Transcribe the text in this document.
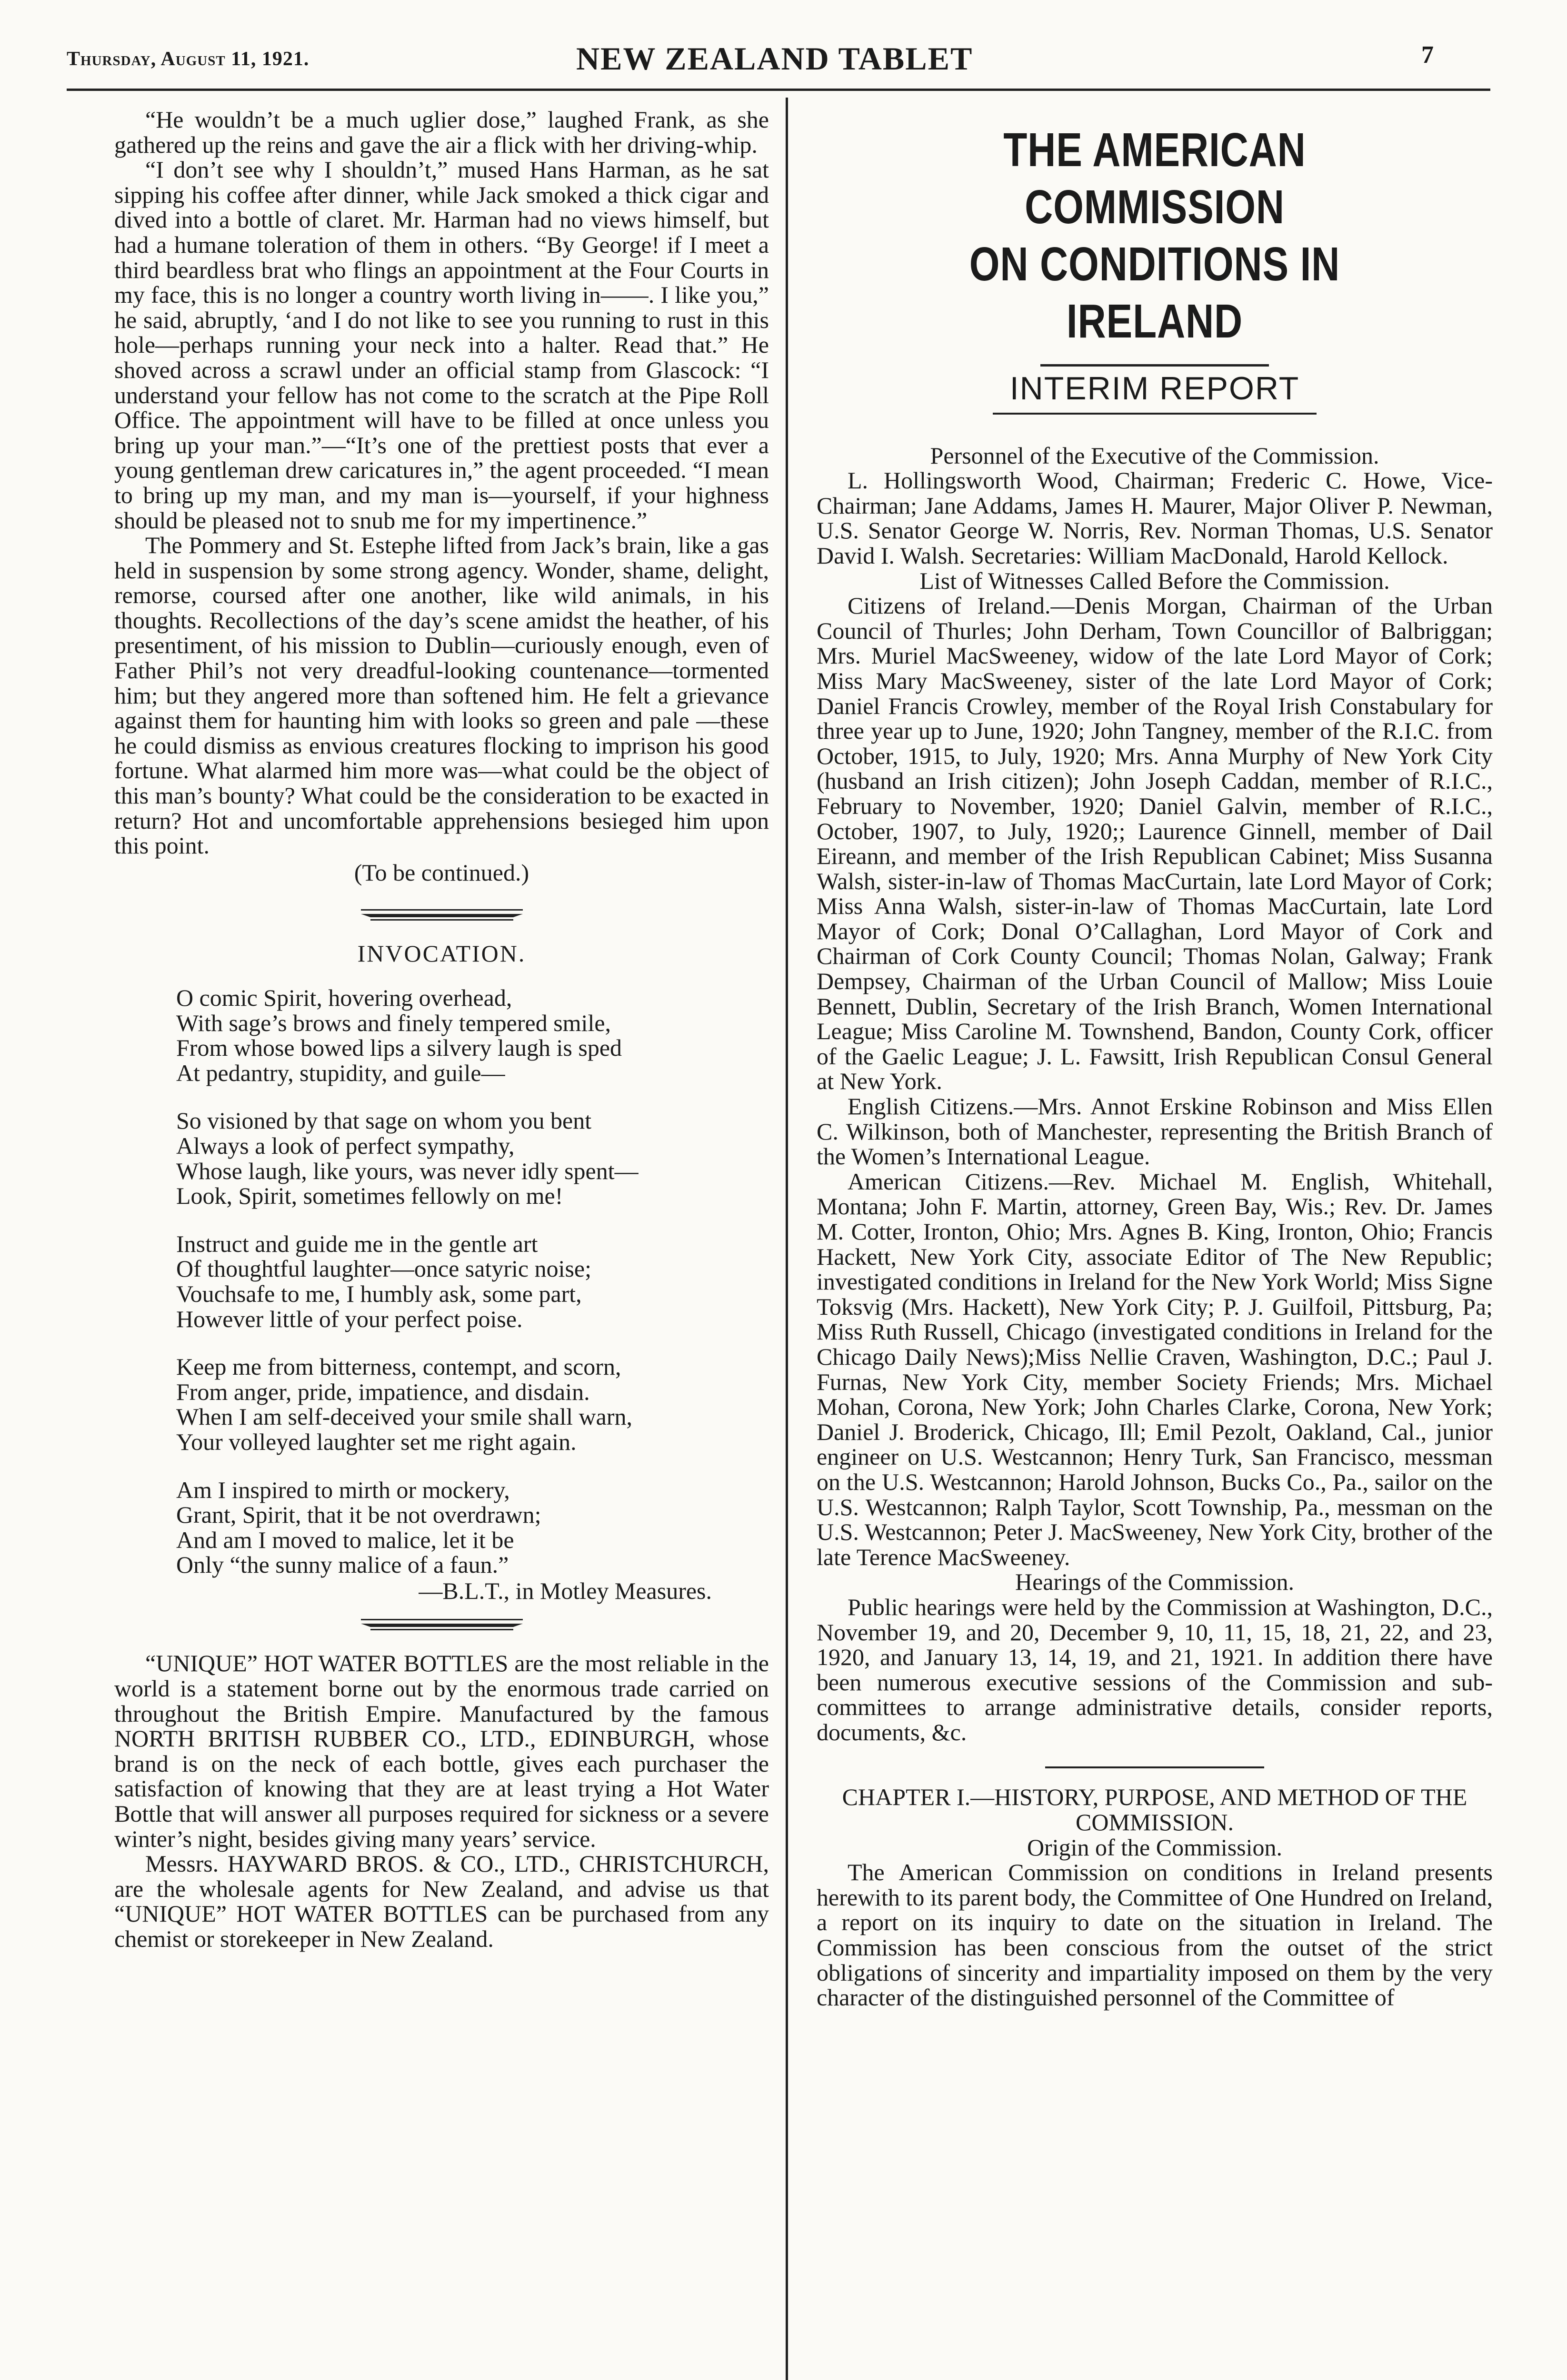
Thursday, August 11, 1921.	NEW ZEALAND TABLET	7

“He wouldn’t be a much uglier dose,” laughed Frank, as she gathered up the reins and gave the air a flick with her driving-whip.

“I don’t see why I shouldn’t,” mused Hans Harman, as he sat sipping his coffee after dinner, while Jack smoked a thick cigar and dived into a bottle of claret. Mr. Harman had no views himself, but had a humane toleration of them in others. “By George! if I meet a third beardless brat who flings an appointment at the Four Courts in my face, this is no longer a country worth living in——. I like you,” he said, abruptly, ‘and I do not like to see you running to rust in this hole—perhaps running your neck into a halter. Read that.” He shoved across a scrawl under an official stamp from Glascock: “I understand your fellow has not come to the scratch at the Pipe Roll Office. The appointment will have to be filled at once unless you bring up your man.”—“It’s one of the prettiest posts that ever a young gentleman drew caricatures in,” the agent proceeded. “I mean to bring up my man, and my man is—yourself, if your highness should be pleased not to snub me for my impertinence.”

The Pommery and St. Estephe lifted from Jack’s brain, like a gas held in suspension by some strong agency. Wonder, shame, delight, remorse, coursed after one another, like wild animals, in his thoughts. Recollections of the day’s scene amidst the heather, of his presentiment, of his mission to Dublin—curiously enough, even of Father Phil’s not very dreadful-looking countenance—tormented him; but they angered more than softened him. He felt a grievance against them for haunting him with looks so green and pale —these he could dismiss as envious creatures flocking to imprison his good fortune. What alarmed him more was—what could be the object of this man’s bounty? What could be the consideration to be exacted in return? Hot and uncomfortable apprehensions besieged him upon this point.

(To be continued.)
INVOCATION.
O comic Spirit, hovering overhead,
With sage’s brows and finely tempered smile,
From whose bowed lips a silvery laugh is sped
At pedantry, stupidity, and guile—
So visioned by that sage on whom you bent
Always a look of perfect sympathy,
Whose laugh, like yours, was never idly spent—
Look, Spirit, sometimes fellowly on me!
Instruct and guide me in the gentle art
Of thoughtful laughter—once satyric noise;
Vouchsafe to me, I humbly ask, some part,
However little of your perfect poise.
Keep me from bitterness, contempt, and scorn,
From anger, pride, impatience, and disdain.
When I am self-deceived your smile shall warn,
Your volleyed laughter set me right again.
Am I inspired to mirth or mockery,
Grant, Spirit, that it be not overdrawn;
And am I moved to malice, let it be
Only “the sunny malice of a faun.”
—B.L.T., in Motley Measures.

“UNIQUE” HOT WATER BOTTLES are the most reliable in the world is a statement borne out by the enormous trade carried on throughout the British Empire. Manufactured by the famous NORTH BRITISH RUBBER CO., LTD., EDINBURGH, whose brand is on the neck of each bottle, gives each purchaser the satisfaction of knowing that they are at least trying a Hot Water Bottle that will answer all purposes required for sickness or a severe winter’s night, besides giving many years’ service.

Messrs. HAYWARD BROS. & CO., LTD., CHRISTCHURCH, are the wholesale agents for New Zealand, and advise us that “UNIQUE” HOT WATER BOTTLES can be purchased from any chemist or storekeeper in New Zealand.

THE AMERICAN COMMISSION
ON CONDITIONS IN IRELAND
INTERIM REPORT

Personnel of the Executive of the Commission.

L. Hollingsworth Wood, Chairman; Frederic C. Howe, Vice-Chairman; Jane Addams, James H. Maurer, Major Oliver P. Newman, U.S. Senator George W. Norris, Rev. Norman Thomas, U.S. Senator David I. Walsh. Secretaries: William MacDonald, Harold Kellock.

List of Witnesses Called Before the Commission.

Citizens of Ireland.—Denis Morgan, Chairman of the Urban Council of Thurles; John Derham, Town Councillor of Balbriggan; Mrs. Muriel MacSweeney, widow of the late Lord Mayor of Cork; Miss Mary MacSweeney, sister of the late Lord Mayor of Cork; Daniel Francis Crowley, member of the Royal Irish Constabulary for three year up to June, 1920; John Tangney, member of the R.I.C. from October, 1915, to July, 1920; Mrs. Anna Murphy of New York City (husband an Irish citizen); John Joseph Caddan, member of R.I.C., February to November, 1920; Daniel Galvin, member of R.I.C., October, 1907, to July, 1920;; Laurence Ginnell, member of Dail Eireann, and member of the Irish Republican Cabinet; Miss Susanna Walsh, sister-in-law of Thomas MacCurtain, late Lord Mayor of Cork; Miss Anna Walsh, sister-in-law of Thomas MacCurtain, late Lord Mayor of Cork; Donal O’Callaghan, Lord Mayor of Cork and Chairman of Cork County Council; Thomas Nolan, Galway; Frank Dempsey, Chairman of the Urban Council of Mallow; Miss Louie Bennett, Dublin, Secretary of the Irish Branch, Women International League; Miss Caroline M. Townshend, Bandon, County Cork, officer of the Gaelic League; J. L. Fawsitt, Irish Republican Consul General at New York.

English Citizens.—Mrs. Annot Erskine Robinson and Miss Ellen C. Wilkinson, both of Manchester, representing the British Branch of the Women’s International League.

American Citizens.—Rev. Michael M. English, Whitehall, Montana; John F. Martin, attorney, Green Bay, Wis.; Rev. Dr. James M. Cotter, Ironton, Ohio; Mrs. Agnes B. King, Ironton, Ohio; Francis Hackett, New York City, associate Editor of The New Republic; investigated conditions in Ireland for the New York World; Miss Signe Toksvig (Mrs. Hackett), New York City; P. J. Guilfoil, Pittsburg, Pa; Miss Ruth Russell, Chicago (investigated conditions in Ireland for the Chicago Daily News);Miss Nellie Craven, Washington, D.C.; Paul J. Furnas, New York City, member Society Friends; Mrs. Michael Mohan, Corona, New York; John Charles Clarke, Corona, New York; Daniel J. Broderick, Chicago, Ill; Emil Pezolt, Oakland, Cal., junior engineer on U.S. Westcannon; Henry Turk, San Francisco, messman on the U.S. Westcannon; Harold Johnson, Bucks Co., Pa., sailor on the U.S. Westcannon; Ralph Taylor, Scott Township, Pa., messman on the U.S. Westcannon; Peter J. MacSweeney, New York City, brother of the late Terence MacSweeney.

Hearings of the Commission.

Public hearings were held by the Commission at Washington, D.C., November 19, and 20, December 9, 10, 11, 15, 18, 21, 22, and 23, 1920, and January 13, 14, 19, and 21, 1921. In addition there have been numerous executive sessions of the Commission and sub-committees to arrange administrative details, consider reports, documents, &c.

CHAPTER I.—HISTORY, PURPOSE, AND METHOD OF THE COMMISSION.

Origin of the Commission.

The American Commission on conditions in Ireland presents herewith to its parent body, the Committee of One Hundred on Ireland, a report on its inquiry to date on the situation in Ireland. The Commission has been conscious from the outset of the strict obligations of sincerity and impartiality imposed on them by the very character of the distinguished personnel of the Committee of
